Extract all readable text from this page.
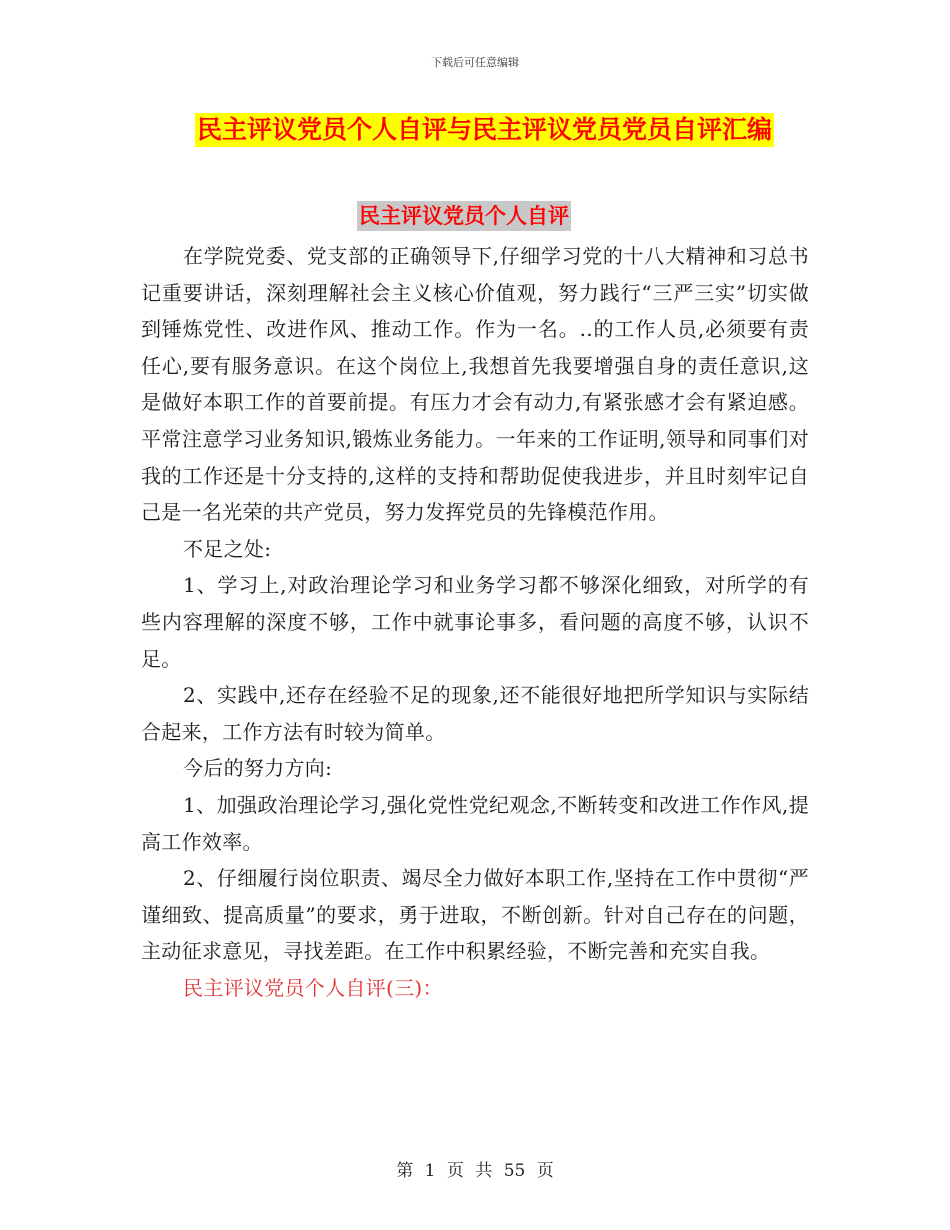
下载后可任意编辑
民主评议党员个人自评与民主评议党员党员自评汇编
民主评议党员个人自评

在学院党委、党支部的正确领导下,仔细学习党的十八大精神和习总书记重要讲话，深刻理解社会主义核心价值观，努力践行“三严三实”切实做到锤炼党性、改进作风、推动工作。作为一名。..的工作人员,必须要有责任心,要有服务意识。在这个岗位上,我想首先我要增强自身的责任意识,这是做好本职工作的首要前提。有压力才会有动力,有紧张感才会有紧迫感。平常注意学习业务知识,锻炼业务能力。一年来的工作证明,领导和同事们对我的工作还是十分支持的,这样的支持和帮助促使我进步，并且时刻牢记自己是一名光荣的共产党员，努力发挥党员的先锋模范作用。

不足之处:

1、学习上,对政治理论学习和业务学习都不够深化细致，对所学的有些内容理解的深度不够，工作中就事论事多，看问题的高度不够，认识不足。

2、实践中,还存在经验不足的现象,还不能很好地把所学知识与实际结合起来，工作方法有时较为简单。

今后的努力方向:

1、加强政治理论学习,强化党性党纪观念,不断转变和改进工作作风,提高工作效率。

2、仔细履行岗位职责、竭尽全力做好本职工作,坚持在工作中贯彻“严谨细致、提高质量”的要求，勇于进取，不断创新。针对自己存在的问题，主动征求意见，寻找差距。在工作中积累经验，不断完善和充实自我。

民主评议党员个人自评(三)：

第 1 页 共 55 页
